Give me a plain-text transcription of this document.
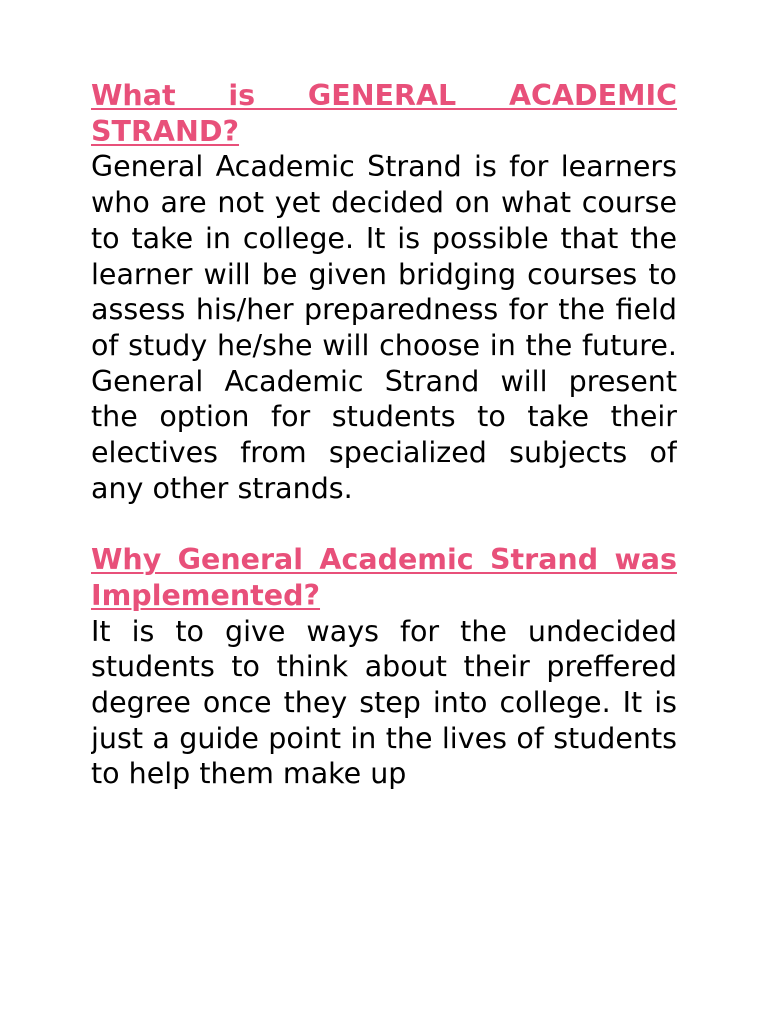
What is GENERAL ACADEMIC STRAND?

General Academic Strand is for learners who are not yet decided on what course to take in college. It is possible that the learner will be given bridging courses to assess his/her preparedness for the field of study he/she will choose in the future. General Academic Strand will present the option for students to take their electives from specialized subjects of any other strands.

Why General Academic Strand was Implemented?

It is to give ways for the undecided students to think about their preffered degree once they step into college. It is just a guide point in the lives of students to help them make up
